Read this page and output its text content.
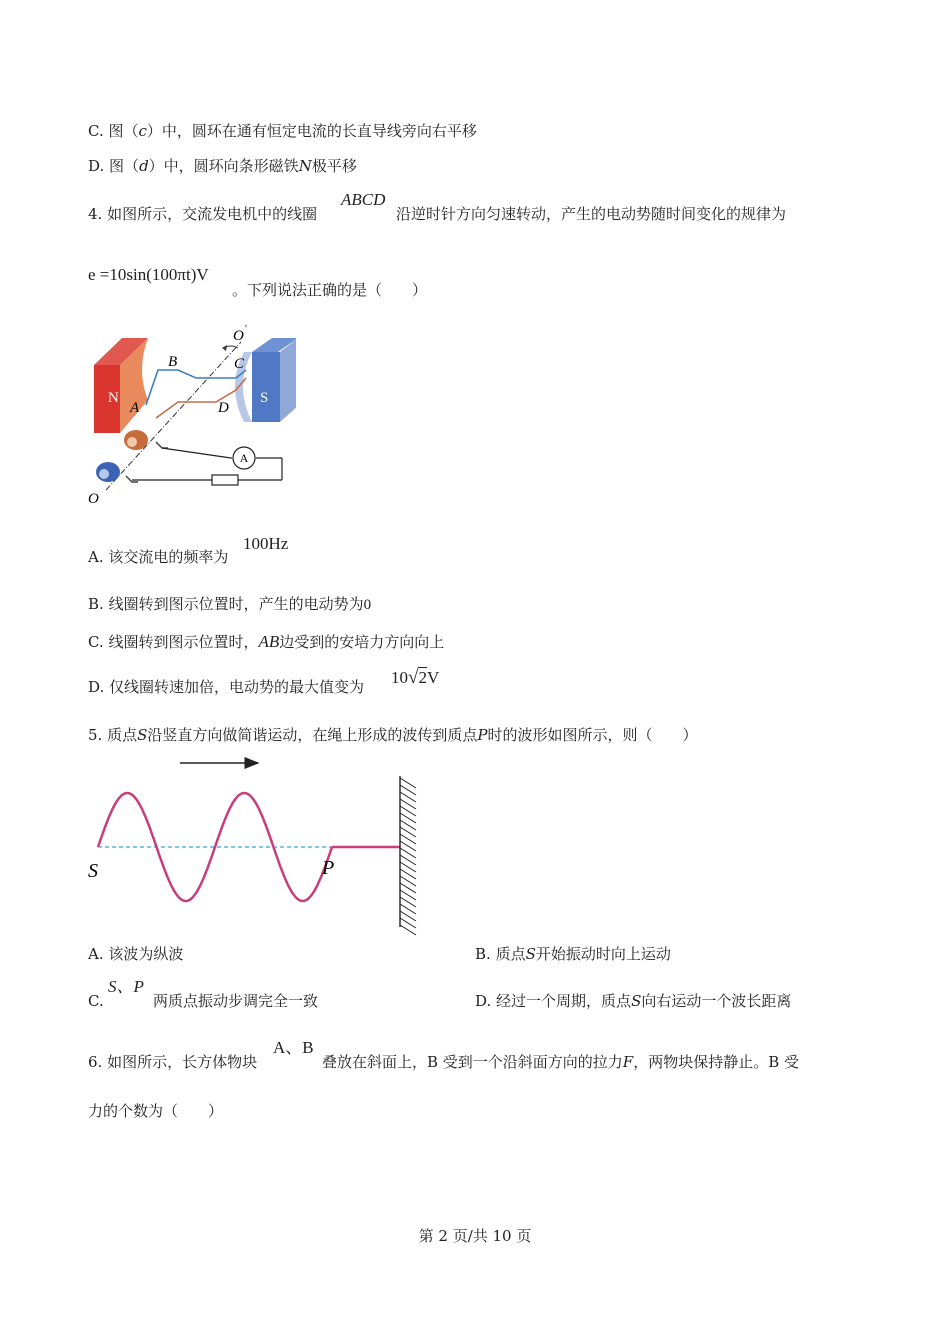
C. 图（c）中，圆环在通有恒定电流的长直导线旁向右平移
D. 图（d）中，圆环向条形磁铁N极平移
4. 如图所示，交流发电机中的线圈
ABCD
沿逆时针方向匀速转动，产生的电动势随时间变化的规律为
e =10sin(100πt)V
。下列说法正确的是（　　）
A
N	S
B	C
A	D
O '
O
A. 该交流电的频率为
100Hz
B. 线圈转到图示位置时，产生的电动势为0
C. 线圈转到图示位置时，AB边受到的安培力方向向上
D. 仅线圈转速加倍，电动势的最大值变为 10√2V
5. 质点S沿竖直方向做简谐运动，在绳上形成的波传到质点P时的波形如图所示，则（　　）
S	P
A. 该波为纵波	B. 质点S开始振动时向上运动
C.
S、P
两质点振动步调完全一致	D. 经过一个周期，质点S向右运动一个波长距离
6. 如图所示，长方体物块
A、B
叠放在斜面上，B 受到一个沿斜面方向的拉力F，两物块保持静止。B 受
力的个数为（　　）
第 2 页/共 10 页
